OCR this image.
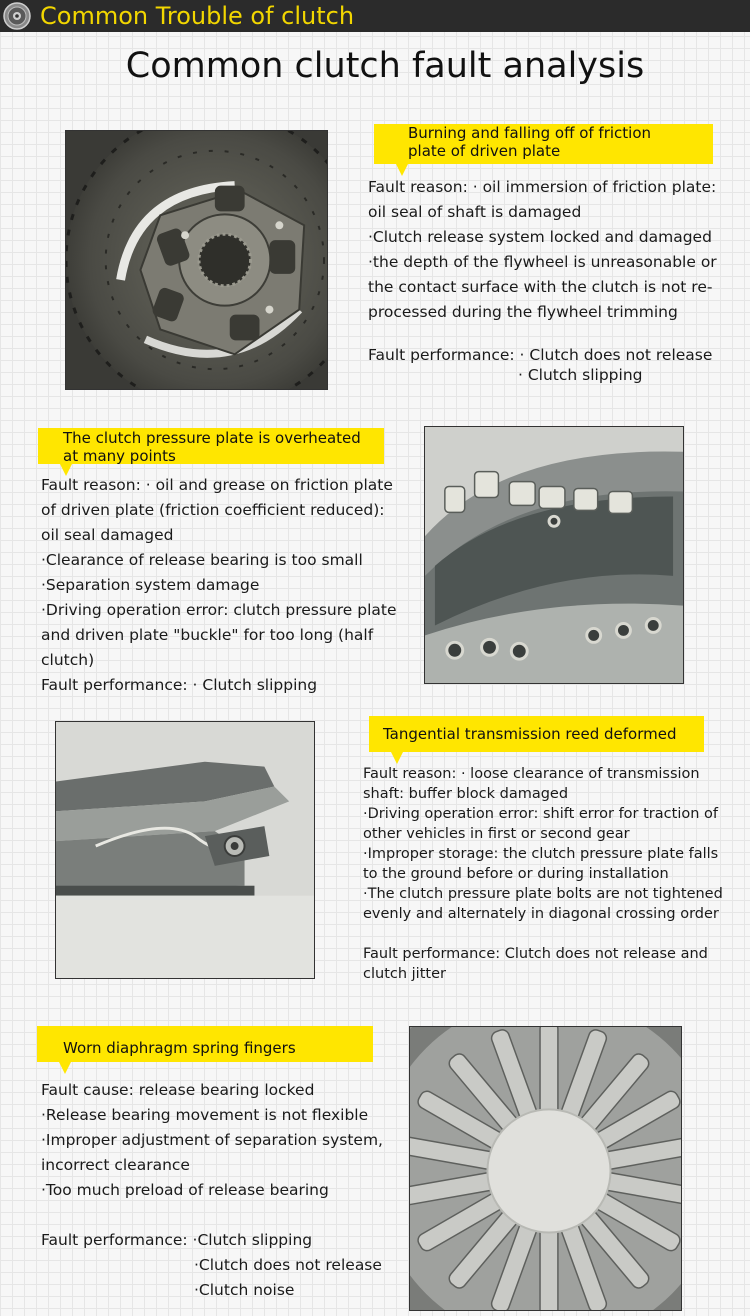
Common Trouble of clutch
Common clutch fault analysis
Burning and falling off of friction
plate of driven plate
Fault reason: · oil immersion of friction plate:
oil seal of shaft is damaged
·Clutch release system locked and damaged
·the depth of the flywheel is unreasonable or
the contact surface with the clutch is not re-
processed during the flywheel trimming
Fault performance: · Clutch does not release
· Clutch slipping
The clutch pressure plate is overheated
at many points
Fault reason: · oil and grease on friction plate
of driven plate (friction coefficient reduced):
oil seal damaged
·Clearance of release bearing is too small
·Separation system damage
·Driving operation error: clutch pressure plate
and driven plate "buckle" for too long (half
clutch)
Fault performance: · Clutch slipping
Tangential transmission reed deformed
Fault reason: · loose clearance of transmission
shaft: buffer block damaged
·Driving operation error: shift error for traction of
other vehicles in first or second gear
·Improper storage: the clutch pressure plate falls
to the ground before or during installation
·The clutch pressure plate bolts are not tightened
evenly and alternately in diagonal crossing order
Fault performance: Clutch does not release and
clutch jitter
Worn diaphragm spring fingers
Fault cause: release bearing locked
·Release bearing movement is not flexible
·Improper adjustment of separation system,
incorrect clearance
·Too much preload of release bearing
Fault performance: ·Clutch slipping
·Clutch does not release
·Clutch noise
